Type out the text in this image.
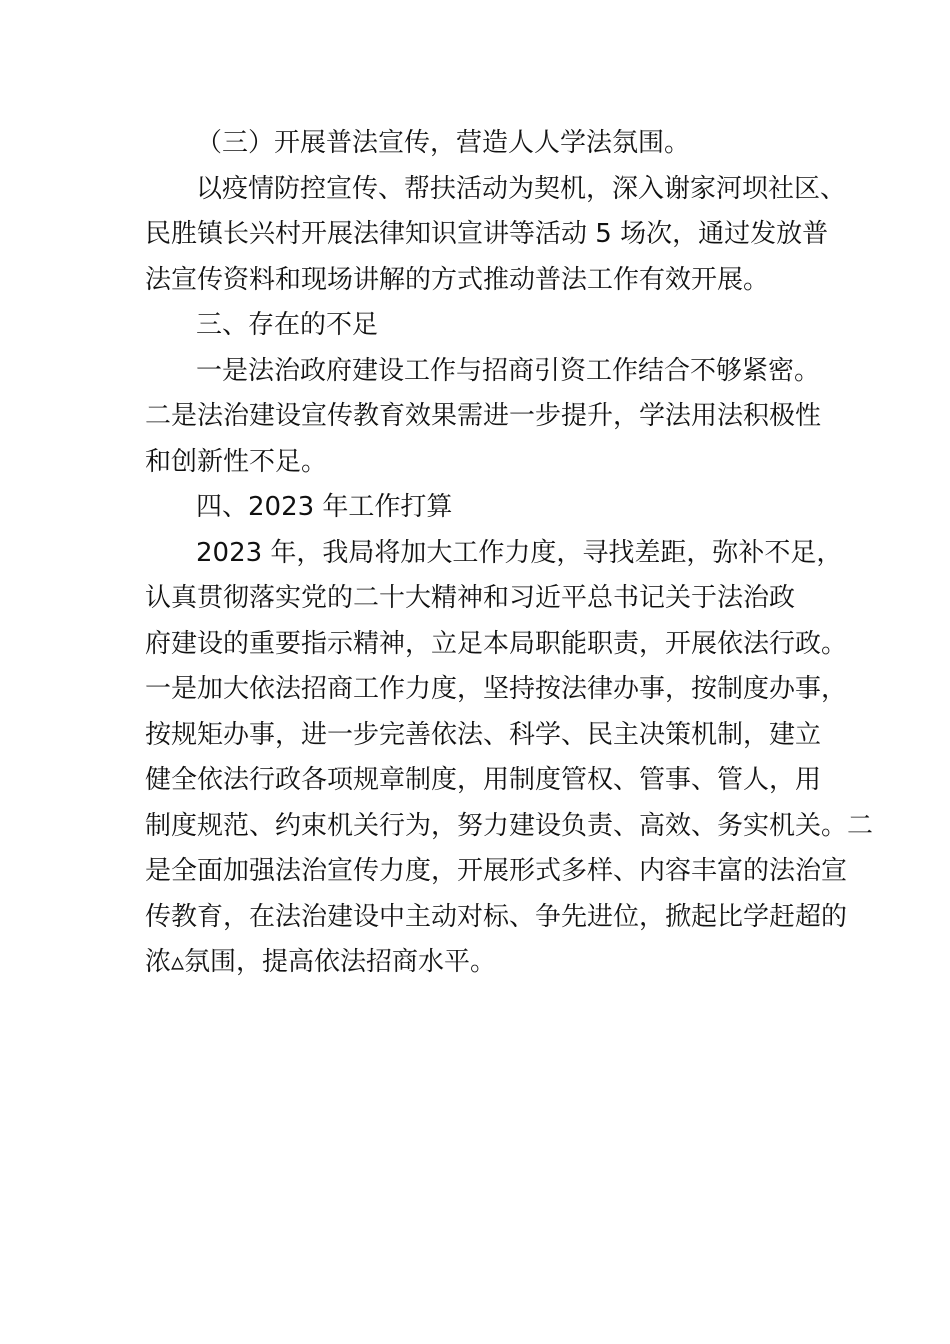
（三）开展普法宣传，营造人人学法氛围。
以疫情防控宣传、帮扶活动为契机，深入谢家河坝社区、
民胜镇长兴村开展法律知识宣讲等活动 5 场次，通过发放普
法宣传资料和现场讲解的方式推动普法工作有效开展。
三、存在的不足
一是法治政府建设工作与招商引资工作结合不够紧密。
二是法治建设宣传教育效果需进一步提升，学法用法积极性
和创新性不足。
四、2023 年工作打算
2023 年，我局将加大工作力度，寻找差距，弥补不足，
认真贯彻落实党的二十大精神和习近平总书记关于法治政
府建设的重要指示精神，立足本局职能职责，开展依法行政。
一是加大依法招商工作力度，坚持按法律办事，按制度办事，
按规矩办事，进一步完善依法、科学、民主决策机制，建立
健全依法行政各项规章制度，用制度管权、管事、管人，用
制度规范、约束机关行为，努力建设负责、高效、务实机关。二
是全面加强法治宣传力度，开展形式多样、内容丰富的法治宣
传教育，在法治建设中主动对标、争先进位，掀起比学赶超的
浓▵氛围，提高依法招商水平。
